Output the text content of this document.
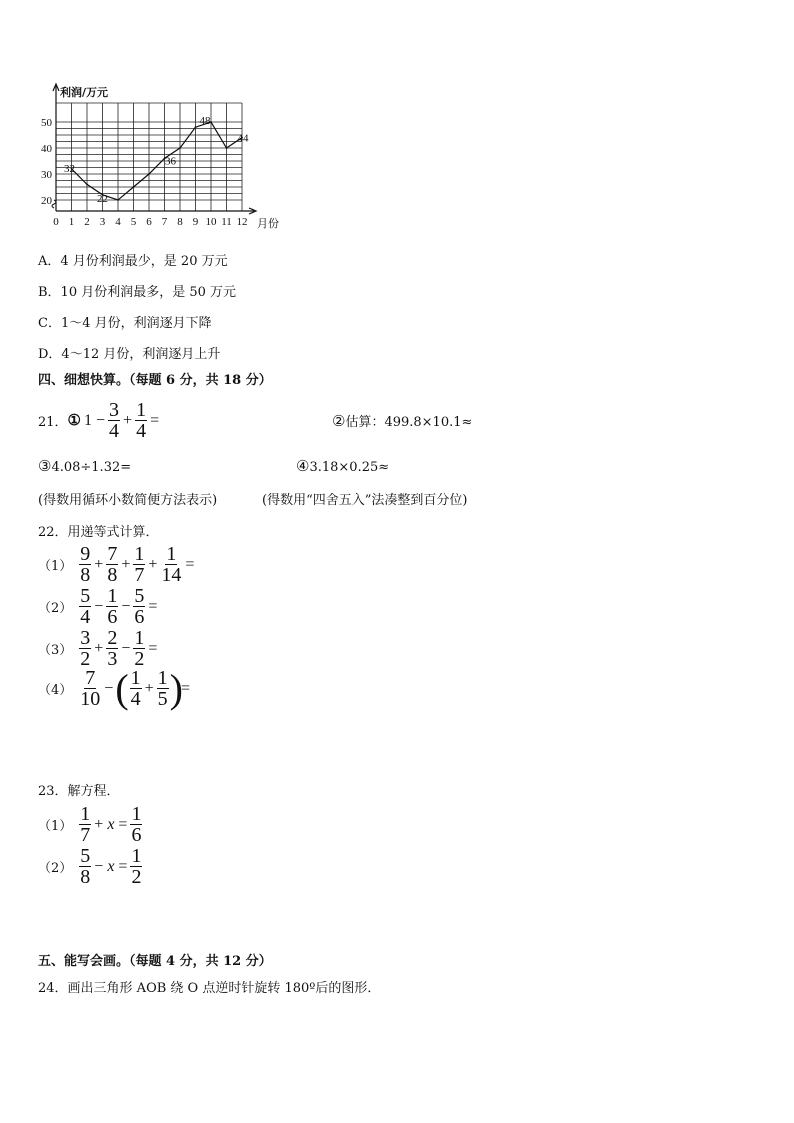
利润/万元
20
30
40
50
0 1 2 3 4 5 6 7 8 9 10 11 12 月份
32
22
36
48
44
A．4 月份利润最少，是 20 万元
B．10 月份利润最多，是 50 万元
C．1～4 月份，利润逐月下降
D．4～12 月份，利润逐月上升
四、细想快算。（每题 6 分，共 18 分）
21． ① $1 - \frac{3}{4} + \frac{1}{4}$ =	②估算：499.8×10.1≈
③4.08÷1.32=	④3.18×0.25≈
(得数用循环小数简便方法表示)	(得数用“四舍五入”法凑整到百分位)
22．用递等式计算．
$(1) \frac{9}{8} + \frac{7}{8} + \frac{1}{7} + \frac{1}{14}$ =
$(2) \frac{5}{4} - \frac{1}{6} - \frac{5}{6}$ =
$(3) \frac{3}{2} + \frac{2}{3} - \frac{1}{2}$ =
$(4) \frac{7}{10}$ − ( $\frac{1}{4} + \frac{1}{5}$ )
=
23．解方程．
$(1) \frac{1}{7} + x = \frac{1}{6}$
$(2) \frac{5}{8} - x = \frac{1}{2}$
五、能写会画。（每题 4 分，共 12 分）
24．画出三角形 AOB 绕 O 点逆时针旋转 180º后的图形．
